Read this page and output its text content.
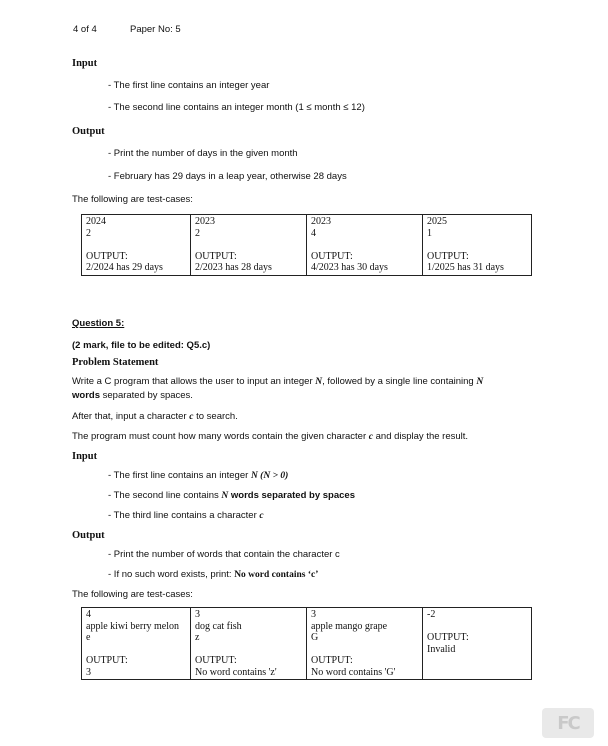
4 of 4	Paper No: 5
Input
- The first line contains an integer year
- The second line contains an integer month (1 ≤ month ≤ 12)
Output
- Print the number of days in the given month
- February has 29 days in a leap year, otherwise 28 days
The following are test-cases:
2024
2
OUTPUT:
2/2024 has 29 days

2023
2
OUTPUT:
2/2023 has 28 days

2023
4
OUTPUT:
4/2023 has 30 days

2025
1
OUTPUT:
1/2025 has 31 days
Question 5:
(2 mark, file to be edited: Q5.c)
Problem Statement
Write a C program that allows the user to input an integer N, followed by a single line containing N
words separated by spaces.
After that, input a character c to search.
The program must count how many words contain the given character c and display the result.
Input
- The first line contains an integer N (N > 0)
- The second line contains N words separated by spaces
- The third line contains a character c
Output
- Print the number of words that contain the character c
- If no such word exists, print: No word contains ‘c’
The following are test-cases:
4
apple kiwi berry melon
e
OUTPUT:
3

3
dog cat fish
z
OUTPUT:
No word contains 'z'

3
apple mango grape
G
OUTPUT:
No word contains 'G'

-2
OUTPUT:
Invalid
FC
